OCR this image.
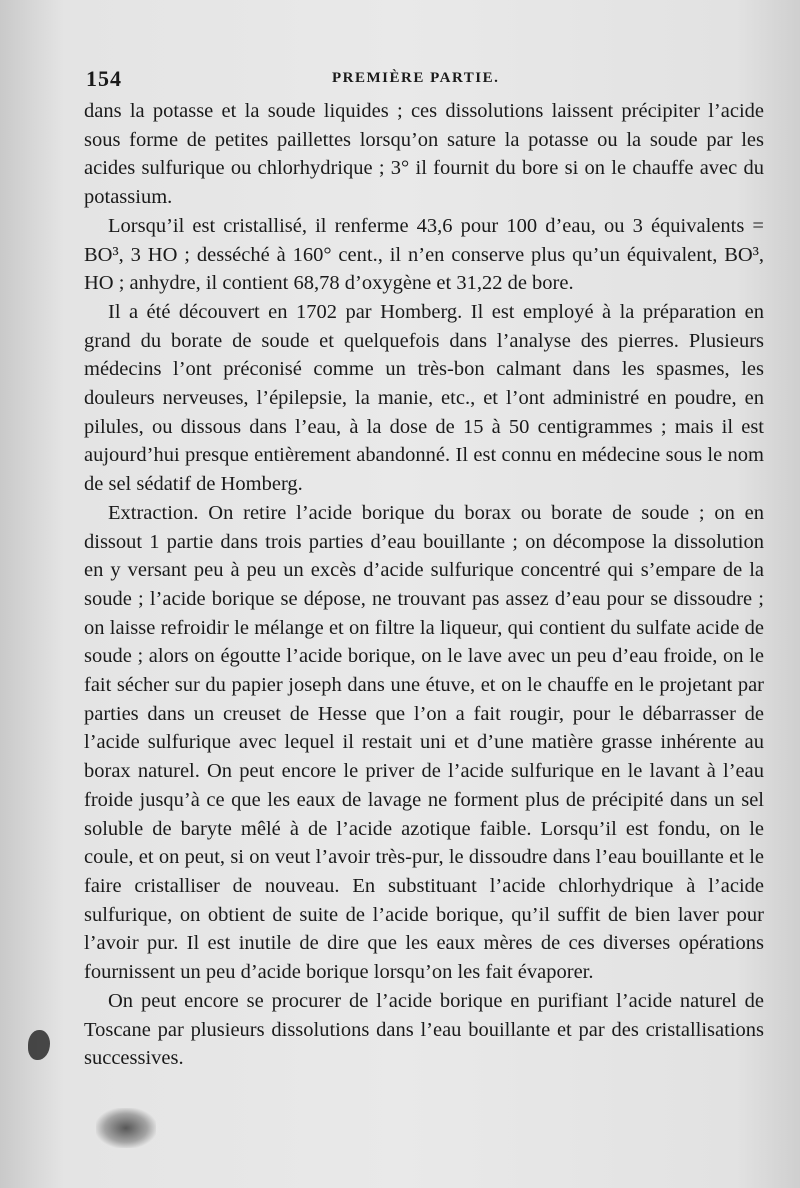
154	PREMIÈRE PARTIE.

dans la potasse et la soude liquides ; ces dissolutions laissent précipiter l’acide sous forme de petites paillettes lorsqu’on sature la potasse ou la soude par les acides sulfurique ou chlorhydrique ; 3° il fournit du bore si on le chauffe avec du potassium.

Lorsqu’il est cristallisé, il renferme 43,6 pour 100 d’eau, ou 3 équivalents = BO³, 3 HO ; desséché à 160° cent., il n’en conserve plus qu’un équivalent, BO³, HO ; anhydre, il contient 68,78 d’oxygène et 31,22 de bore.

Il a été découvert en 1702 par Homberg. Il est employé à la préparation en grand du borate de soude et quelquefois dans l’analyse des pierres. Plusieurs médecins l’ont préconisé comme un très-bon calmant dans les spasmes, les douleurs nerveuses, l’épilepsie, la manie, etc., et l’ont administré en poudre, en pilules, ou dissous dans l’eau, à la dose de 15 à 50 centigrammes ; mais il est aujourd’hui presque entièrement abandonné. Il est connu en médecine sous le nom de sel sédatif de Homberg.

Extraction. On retire l’acide borique du borax ou borate de soude ; on en dissout 1 partie dans trois parties d’eau bouillante ; on décompose la dissolution en y versant peu à peu un excès d’acide sulfurique concentré qui s’empare de la soude ; l’acide borique se dépose, ne trouvant pas assez d’eau pour se dissoudre ; on laisse refroidir le mélange et on filtre la liqueur, qui contient du sulfate acide de soude ; alors on égoutte l’acide borique, on le lave avec un peu d’eau froide, on le fait sécher sur du papier joseph dans une étuve, et on le chauffe en le projetant par parties dans un creuset de Hesse que l’on a fait rougir, pour le débarrasser de l’acide sulfurique avec lequel il restait uni et d’une matière grasse inhérente au borax naturel. On peut encore le priver de l’acide sulfurique en le lavant à l’eau froide jusqu’à ce que les eaux de lavage ne forment plus de précipité dans un sel soluble de baryte mêlé à de l’acide azotique faible. Lorsqu’il est fondu, on le coule, et on peut, si on veut l’avoir très-pur, le dissoudre dans l’eau bouillante et le faire cristalliser de nouveau. En substituant l’acide chlorhydrique à l’acide sulfurique, on obtient de suite de l’acide borique, qu’il suffit de bien laver pour l’avoir pur. Il est inutile de dire que les eaux mères de ces diverses opérations fournissent un peu d’acide borique lorsqu’on les fait évaporer.

On peut encore se procurer de l’acide borique en purifiant l’acide naturel de Toscane par plusieurs dissolutions dans l’eau bouillante et par des cristallisations successives.
